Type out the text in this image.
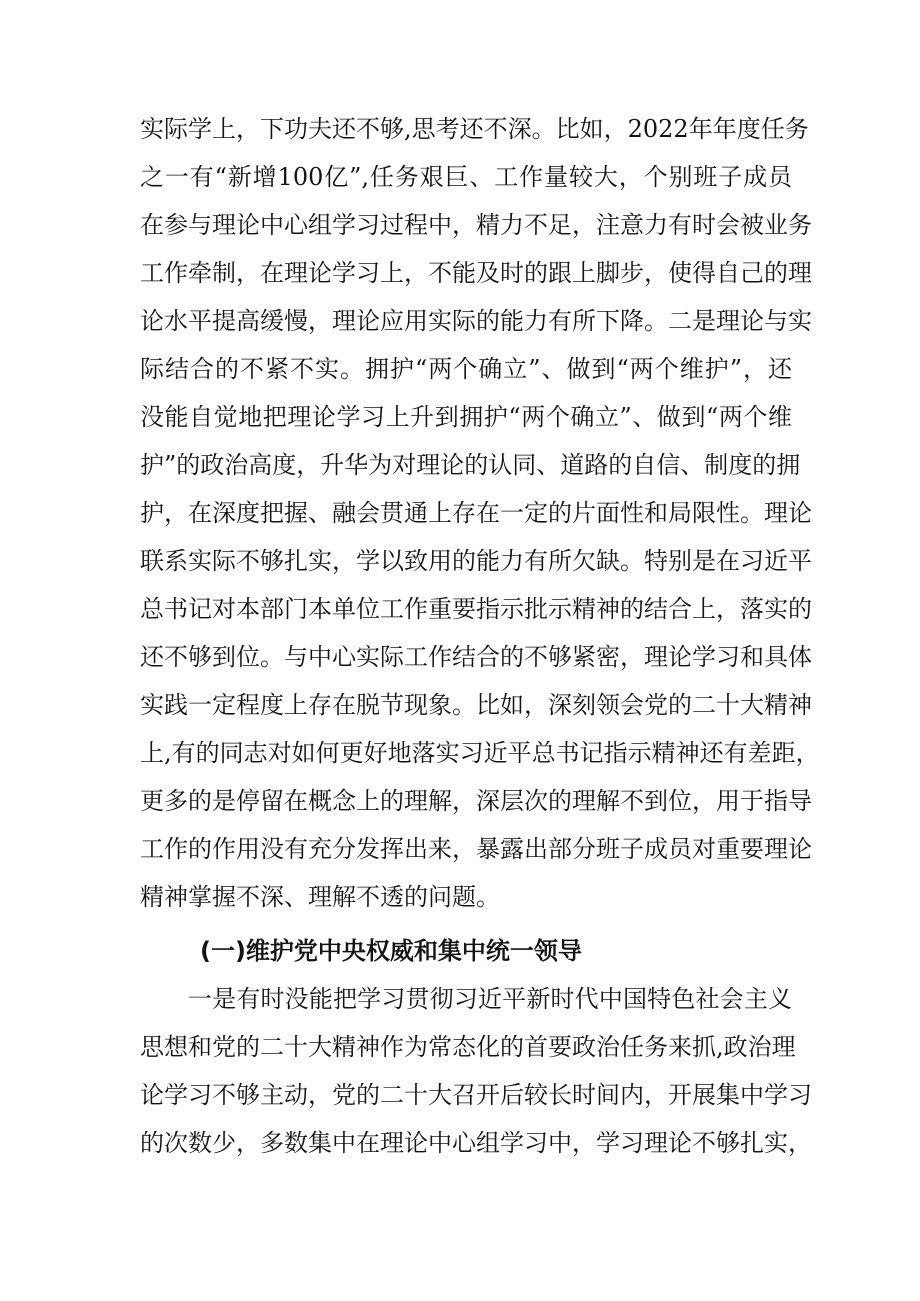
实际学上，下功夫还不够,思考还不深。比如，2022年年度任务
之一有“新增100亿”,任务艰巨、工作量较大，个别班子成员
在参与理论中心组学习过程中，精力不足，注意力有时会被业务
工作牵制，在理论学习上，不能及时的跟上脚步，使得自己的理
论水平提高缓慢，理论应用实际的能力有所下降。二是理论与实
际结合的不紧不实。拥护“两个确立”、做到“两个维护”，还
没能自觉地把理论学习上升到拥护“两个确立”、做到“两个维
护”的政治高度，升华为对理论的认同、道路的自信、制度的拥
护，在深度把握、融会贯通上存在一定的片面性和局限性。理论
联系实际不够扎实，学以致用的能力有所欠缺。特别是在习近平
总书记对本部门本单位工作重要指示批示精神的结合上，落实的
还不够到位。与中心实际工作结合的不够紧密，理论学习和具体
实践一定程度上存在脱节现象。比如，深刻领会党的二十大精神
上,有的同志对如何更好地落实习近平总书记指示精神还有差距，
更多的是停留在概念上的理解，深层次的理解不到位，用于指导
工作的作用没有充分发挥出来，暴露出部分班子成员对重要理论
精神掌握不深、理解不透的问题。
(一)维护党中央权威和集中统一领导
一是有时没能把学习贯彻习近平新时代中国特色社会主义
思想和党的二十大精神作为常态化的首要政治任务来抓,政治理
论学习不够主动，党的二十大召开后较长时间内，开展集中学习
的次数少，多数集中在理论中心组学习中，学习理论不够扎实，
